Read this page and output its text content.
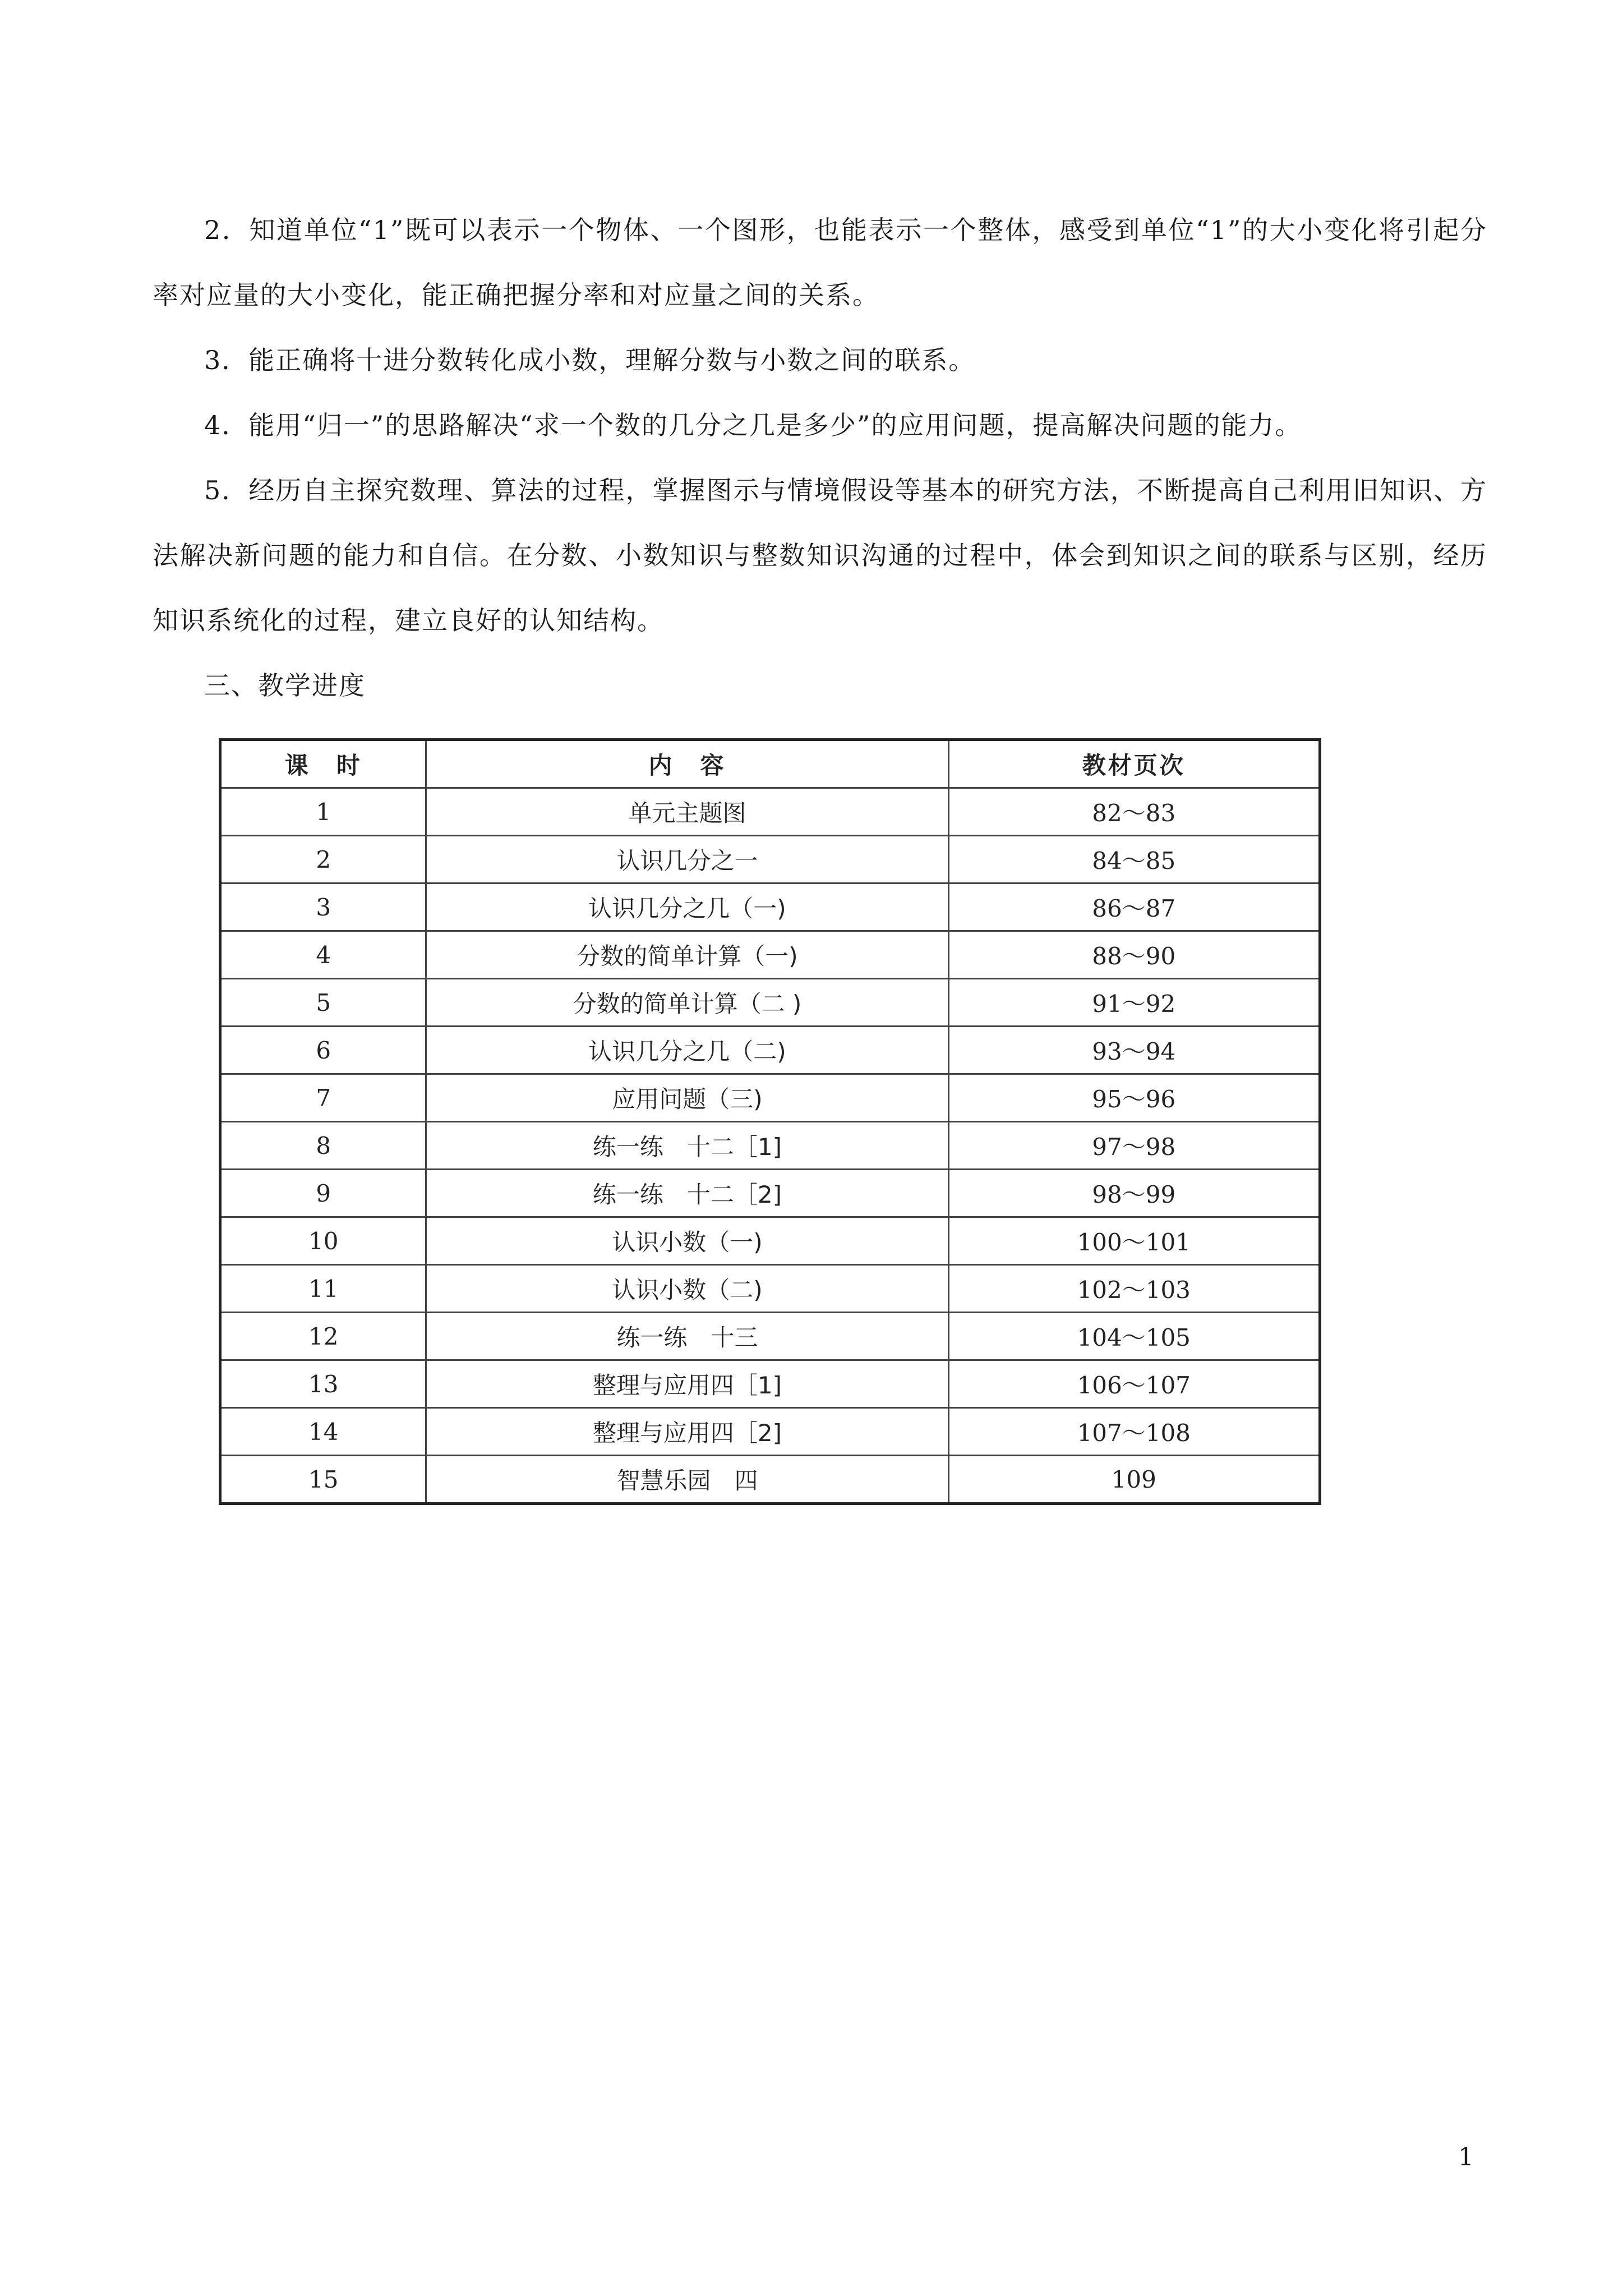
2．知道单位“1”既可以表示一个物体、一个图形，也能表示一个整体，感受到单位“1”的大小变化将引起分率对应量的大小变化，能正确把握分率和对应量之间的关系。

3．能正确将十进分数转化成小数，理解分数与小数之间的联系。

4．能用“归一”的思路解决“求一个数的几分之几是多少”的应用问题，提高解决问题的能力。

5．经历自主探究数理、算法的过程，掌握图示与情境假设等基本的研究方法，不断提高自己利用旧知识、方法解决新问题的能力和自信。在分数、小数知识与整数知识沟通的过程中，体会到知识之间的联系与区别，经历知识系统化的过程，建立良好的认知结构。

三、教学进度

课　时	内　容	教材页次
1	单元主题图	82～83
2	认识几分之一	84～85
3	认识几分之几（一)	86～87
4	分数的简单计算（一)	88～90
5	分数的简单计算（二 )	91～92
6	认识几分之几（二)	93～94
7	应用问题（三)	95～96
8	练一练　十二［1]	97～98
9	练一练　十二［2]	98～99
10	认识小数（一)	100～101
11	认识小数（二)	102～103
12	练一练　十三	104～105
13	整理与应用四［1]	106～107
14	整理与应用四［2]	107～108
15	智慧乐园　四	109
1
